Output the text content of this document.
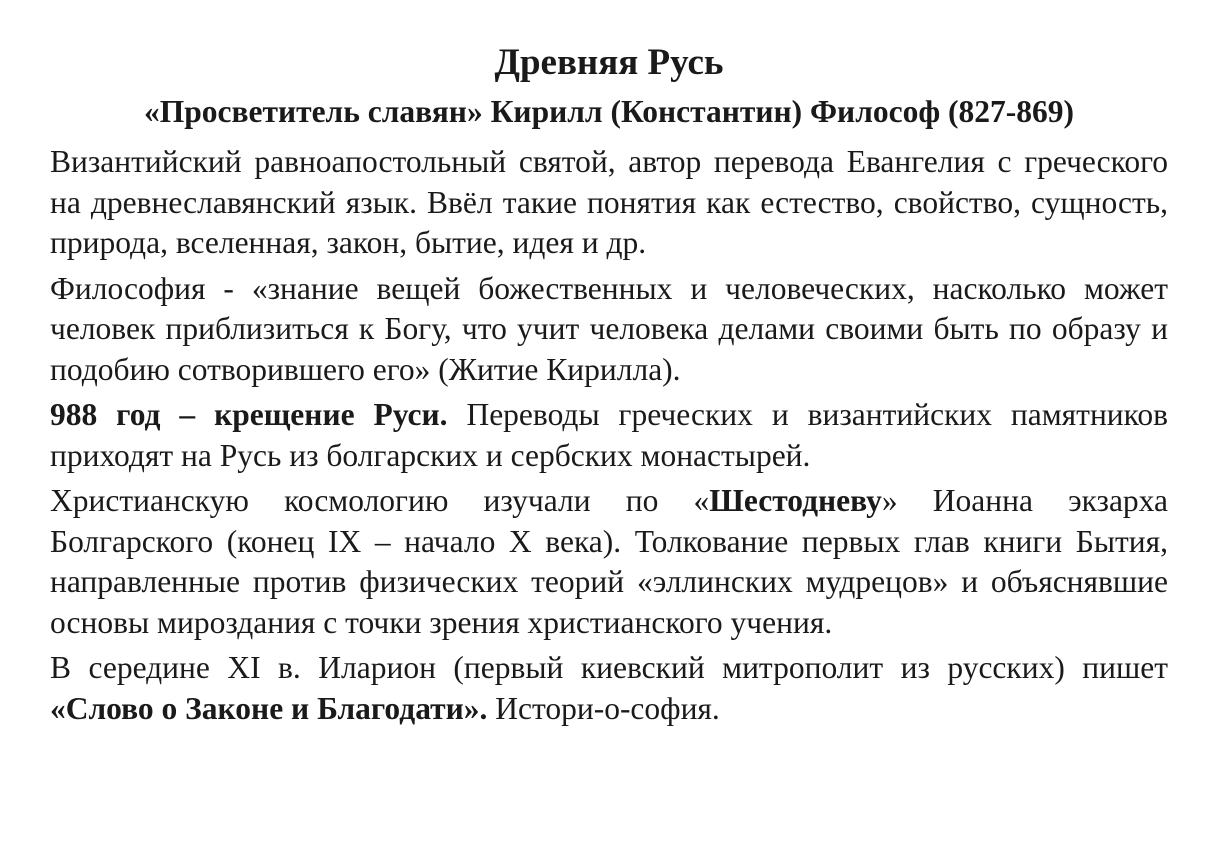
Древняя Русь
«Просветитель славян» Кирилл (Константин) Философ (827-869)

Византийский равноапостольный святой, автор перевода Евангелия с греческого на древнеславянский язык. Ввёл такие понятия как естество, свойство, сущность, природа, вселенная, закон, бытие, идея и др.

Философия - «знание вещей божественных и человеческих, насколько может человек приблизиться к Богу, что учит человека делами своими быть по образу и подобию сотворившего его» (Житие Кирилла).

988 год – крещение Руси. Переводы греческих и византийских памятников приходят на Русь из болгарских и сербских монастырей.

Христианскую космологию изучали по «Шестодневу» Иоанна экзарха Болгарского (конец IX – начало X века). Толкование первых глав книги Бытия, направленные против физических теорий «эллинских мудрецов» и объяснявшие основы мироздания с точки зрения христианского учения.

В середине XI в. Иларион (первый киевский митрополит из русских) пишет «Слово о Законе и Благодати». Истори-о-софия.
